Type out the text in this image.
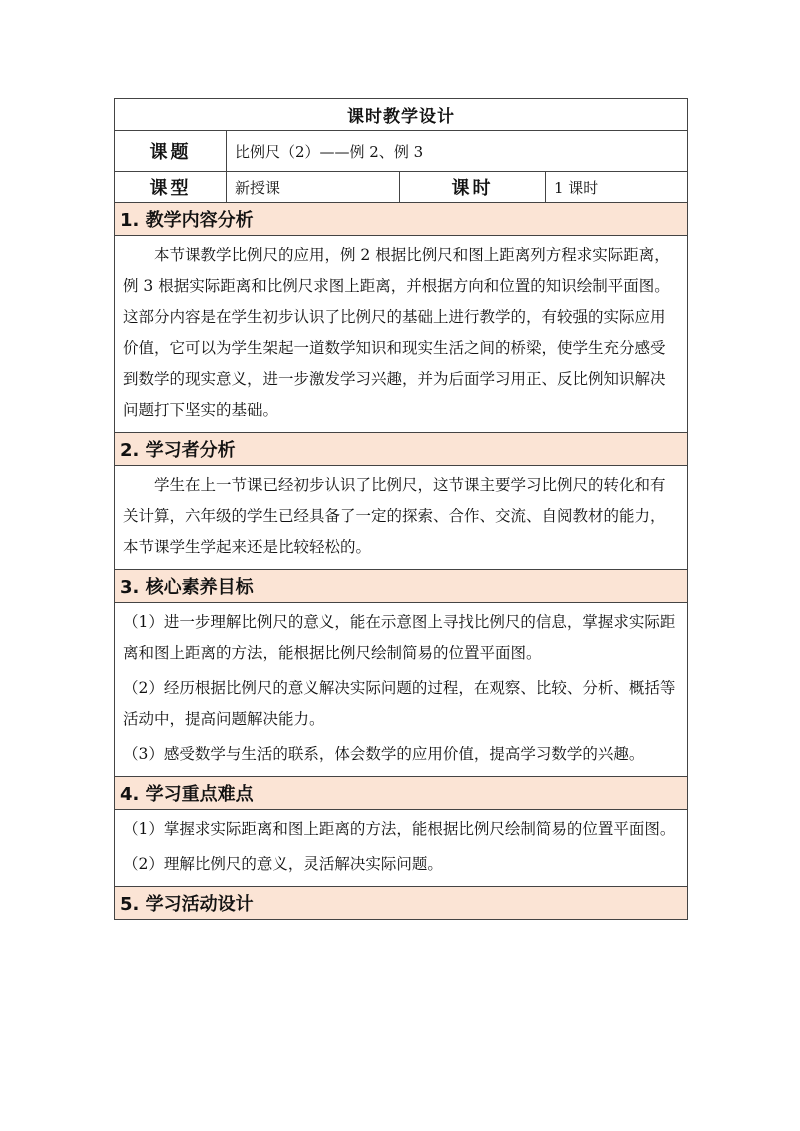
课时教学设计			
课题	比例尺（2）——例 2、例 3		
课型	新授课	课时	1 课时
1. 教学内容分析			

本节课教学比例尺的应用，例 2 根据比例尺和图上距离列方程求实际距离，例 3 根据实际距离和比例尺求图上距离，并根据方向和位置的知识绘制平面图。这部分内容是在学生初步认识了比例尺的基础上进行教学的，有较强的实际应用价值，它可以为学生架起一道数学知识和现实生活之间的桥梁，使学生充分感受到数学的现实意义，进一步激发学习兴趣，并为后面学习用正、反比例知识解决问题打下坚实的基础。			

2. 学习者分析			

学生在上一节课已经初步认识了比例尺，这节课主要学习比例尺的转化和有关计算，六年级的学生已经具备了一定的探索、合作、交流、自阅教材的能力，本节课学生学起来还是比较轻松的。			

3. 核心素养目标			

（1）进一步理解比例尺的意义，能在示意图上寻找比例尺的信息，掌握求实际距离和图上距离的方法，能根据比例尺绘制简易的位置平面图。
（2）经历根据比例尺的意义解决实际问题的过程，在观察、比较、分析、概括等活动中，提高问题解决能力。
（3）感受数学与生活的联系，体会数学的应用价值，提高学习数学的兴趣。			

4. 学习重点难点			

（1）掌握求实际距离和图上距离的方法，能根据比例尺绘制简易的位置平面图。
（2）理解比例尺的意义，灵活解决实际问题。			

5. 学习活动设计			
